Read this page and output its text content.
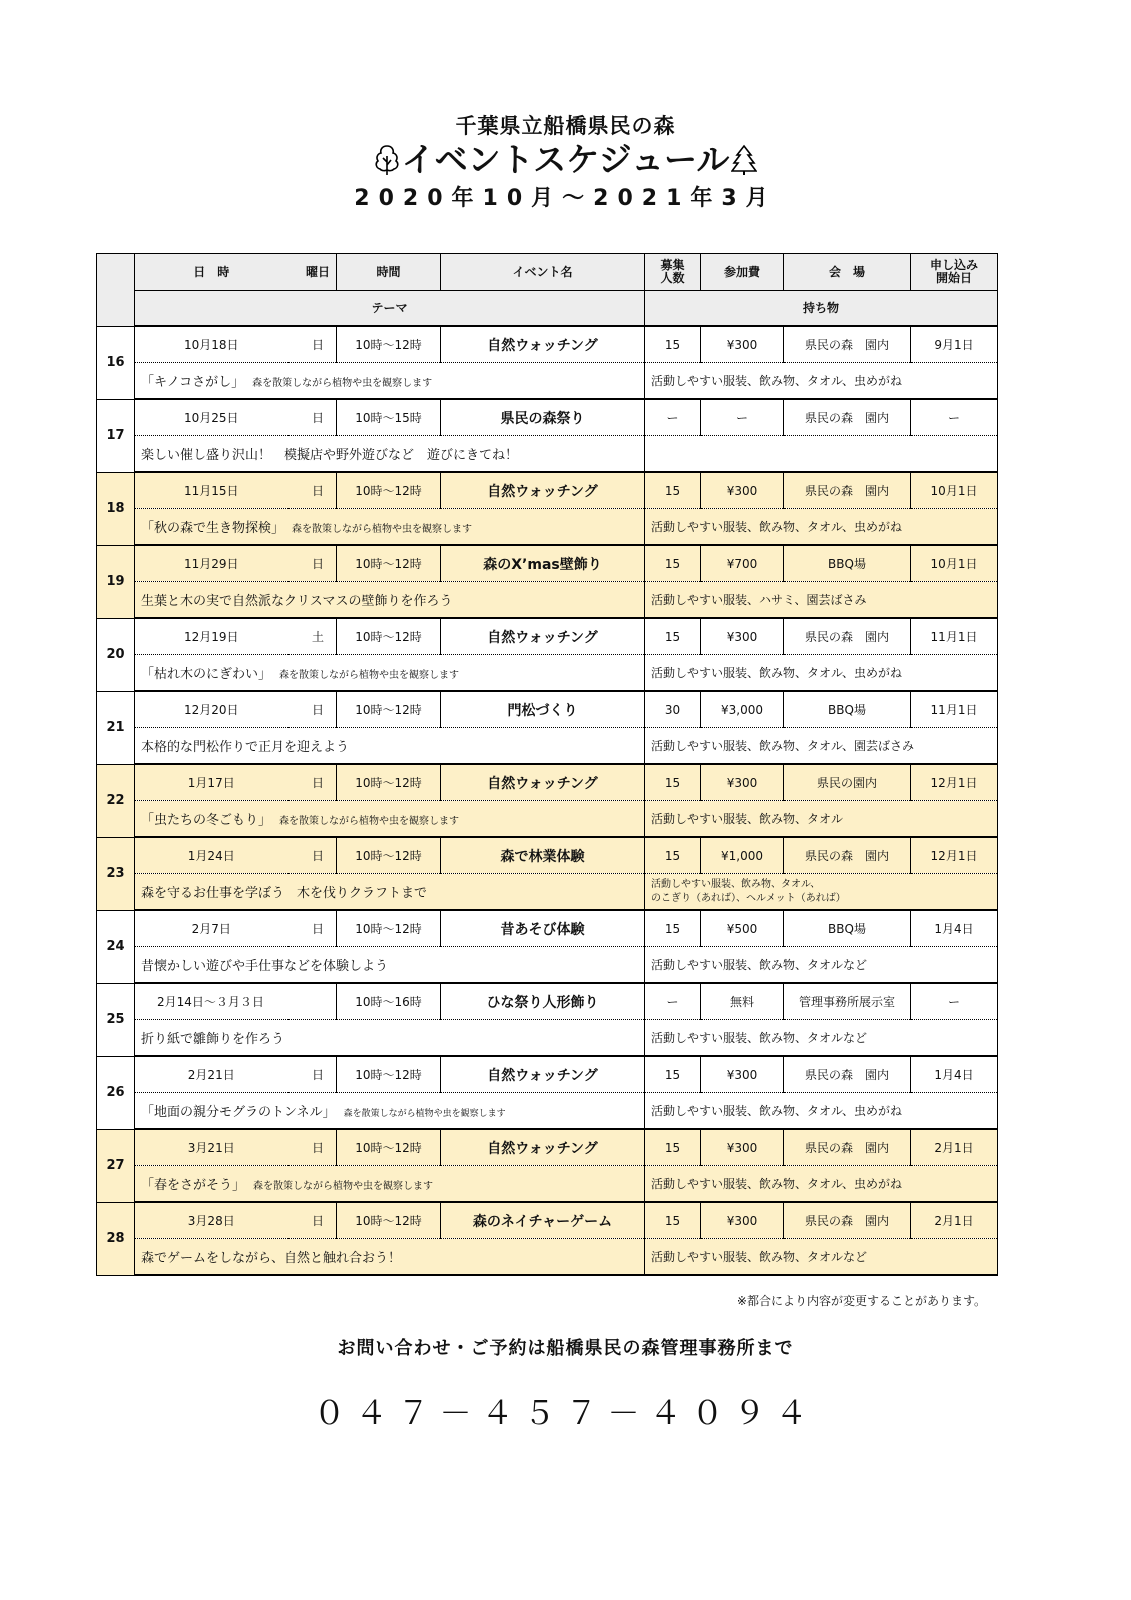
千葉県立船橋県民の森
イベントスケジュール
2020年10月～2021年3月
	日　時	曜日	時間	イベント名	募集人数	参加費	会　場	申し込み
開始日

	テーマ				持ち物			
16	10月18日	日	10時～12時	自然ウォッチング	15	¥300	県民の森　園内	9月1日
	「キノコさがし」 森を散策しながら植物や虫を観察します				活動しやすい服装、飲み物、タオル、虫めがね			
17	10月25日	日	10時～15時	県民の森祭り	ー	ー	県民の森　園内	ー
	楽しい催し盛り沢山！　模擬店や野外遊びなど　遊びにきてね！							
18	11月15日	日	10時～12時	自然ウォッチング	15	¥300	県民の森　園内	10月1日
	「秋の森で生き物探検」 森を散策しながら植物や虫を観察します				活動しやすい服装、飲み物、タオル、虫めがね			
19	11月29日	日	10時～12時	森のX’mas壁飾り	15	¥700	BBQ場	10月1日
	生葉と木の実で自然派なクリスマスの壁飾りを作ろう				活動しやすい服装、ハサミ、園芸ばさみ			
20	12月19日	土	10時～12時	自然ウォッチング	15	¥300	県民の森　園内	11月1日
	「枯れ木のにぎわい」 森を散策しながら植物や虫を観察します				活動しやすい服装、飲み物、タオル、虫めがね			
21	12月20日	日	10時～12時	門松づくり	30	¥3,000	BBQ場	11月1日
	本格的な門松作りで正月を迎えよう				活動しやすい服装、飲み物、タオル、園芸ばさみ			
22	1月17日	日	10時～12時	自然ウォッチング	15	¥300	県民の園内	12月1日
	「虫たちの冬ごもり」 森を散策しながら植物や虫を観察します				活動しやすい服装、飲み物、タオル			
23	1月24日	日	10時～12時	森で林業体験	15	¥1,000	県民の森　園内	12月1日
	森を守るお仕事を学ぼう　木を伐りクラフトまで				活動しやすい服装、飲み物、タオル、
のこぎり（あれば）、ヘルメット（あれば）			

24	2月7日	日	10時～12時	昔あそび体験	15	¥500	BBQ場	1月4日
	昔懐かしい遊びや手仕事などを体験しよう				活動しやすい服装、飲み物、タオルなど			
25	2月14日～３月３日		10時～16時	ひな祭り人形飾り	ー	無料	管理事務所展示室	ー
	折り紙で雛飾りを作ろう				活動しやすい服装、飲み物、タオルなど			
26	2月21日	日	10時～12時	自然ウォッチング	15	¥300	県民の森　園内	1月4日
	「地面の親分モグラのトンネル」 森を散策しながら植物や虫を観察します				活動しやすい服装、飲み物、タオル、虫めがね			
27	3月21日	日	10時～12時	自然ウォッチング	15	¥300	県民の森　園内	2月1日
	「春をさがそう」 森を散策しながら植物や虫を観察します				活動しやすい服装、飲み物、タオル、虫めがね			
28	3月28日	日	10時～12時	森のネイチャーゲーム	15	¥300	県民の森　園内	2月1日
	森でゲームをしながら、自然と触れ合おう！				活動しやすい服装、飲み物、タオルなど			
※都合により内容が変更することがあります。
お問い合わせ・ご予約は船橋県民の森管理事務所まで
０４７－４５７－４０９４
